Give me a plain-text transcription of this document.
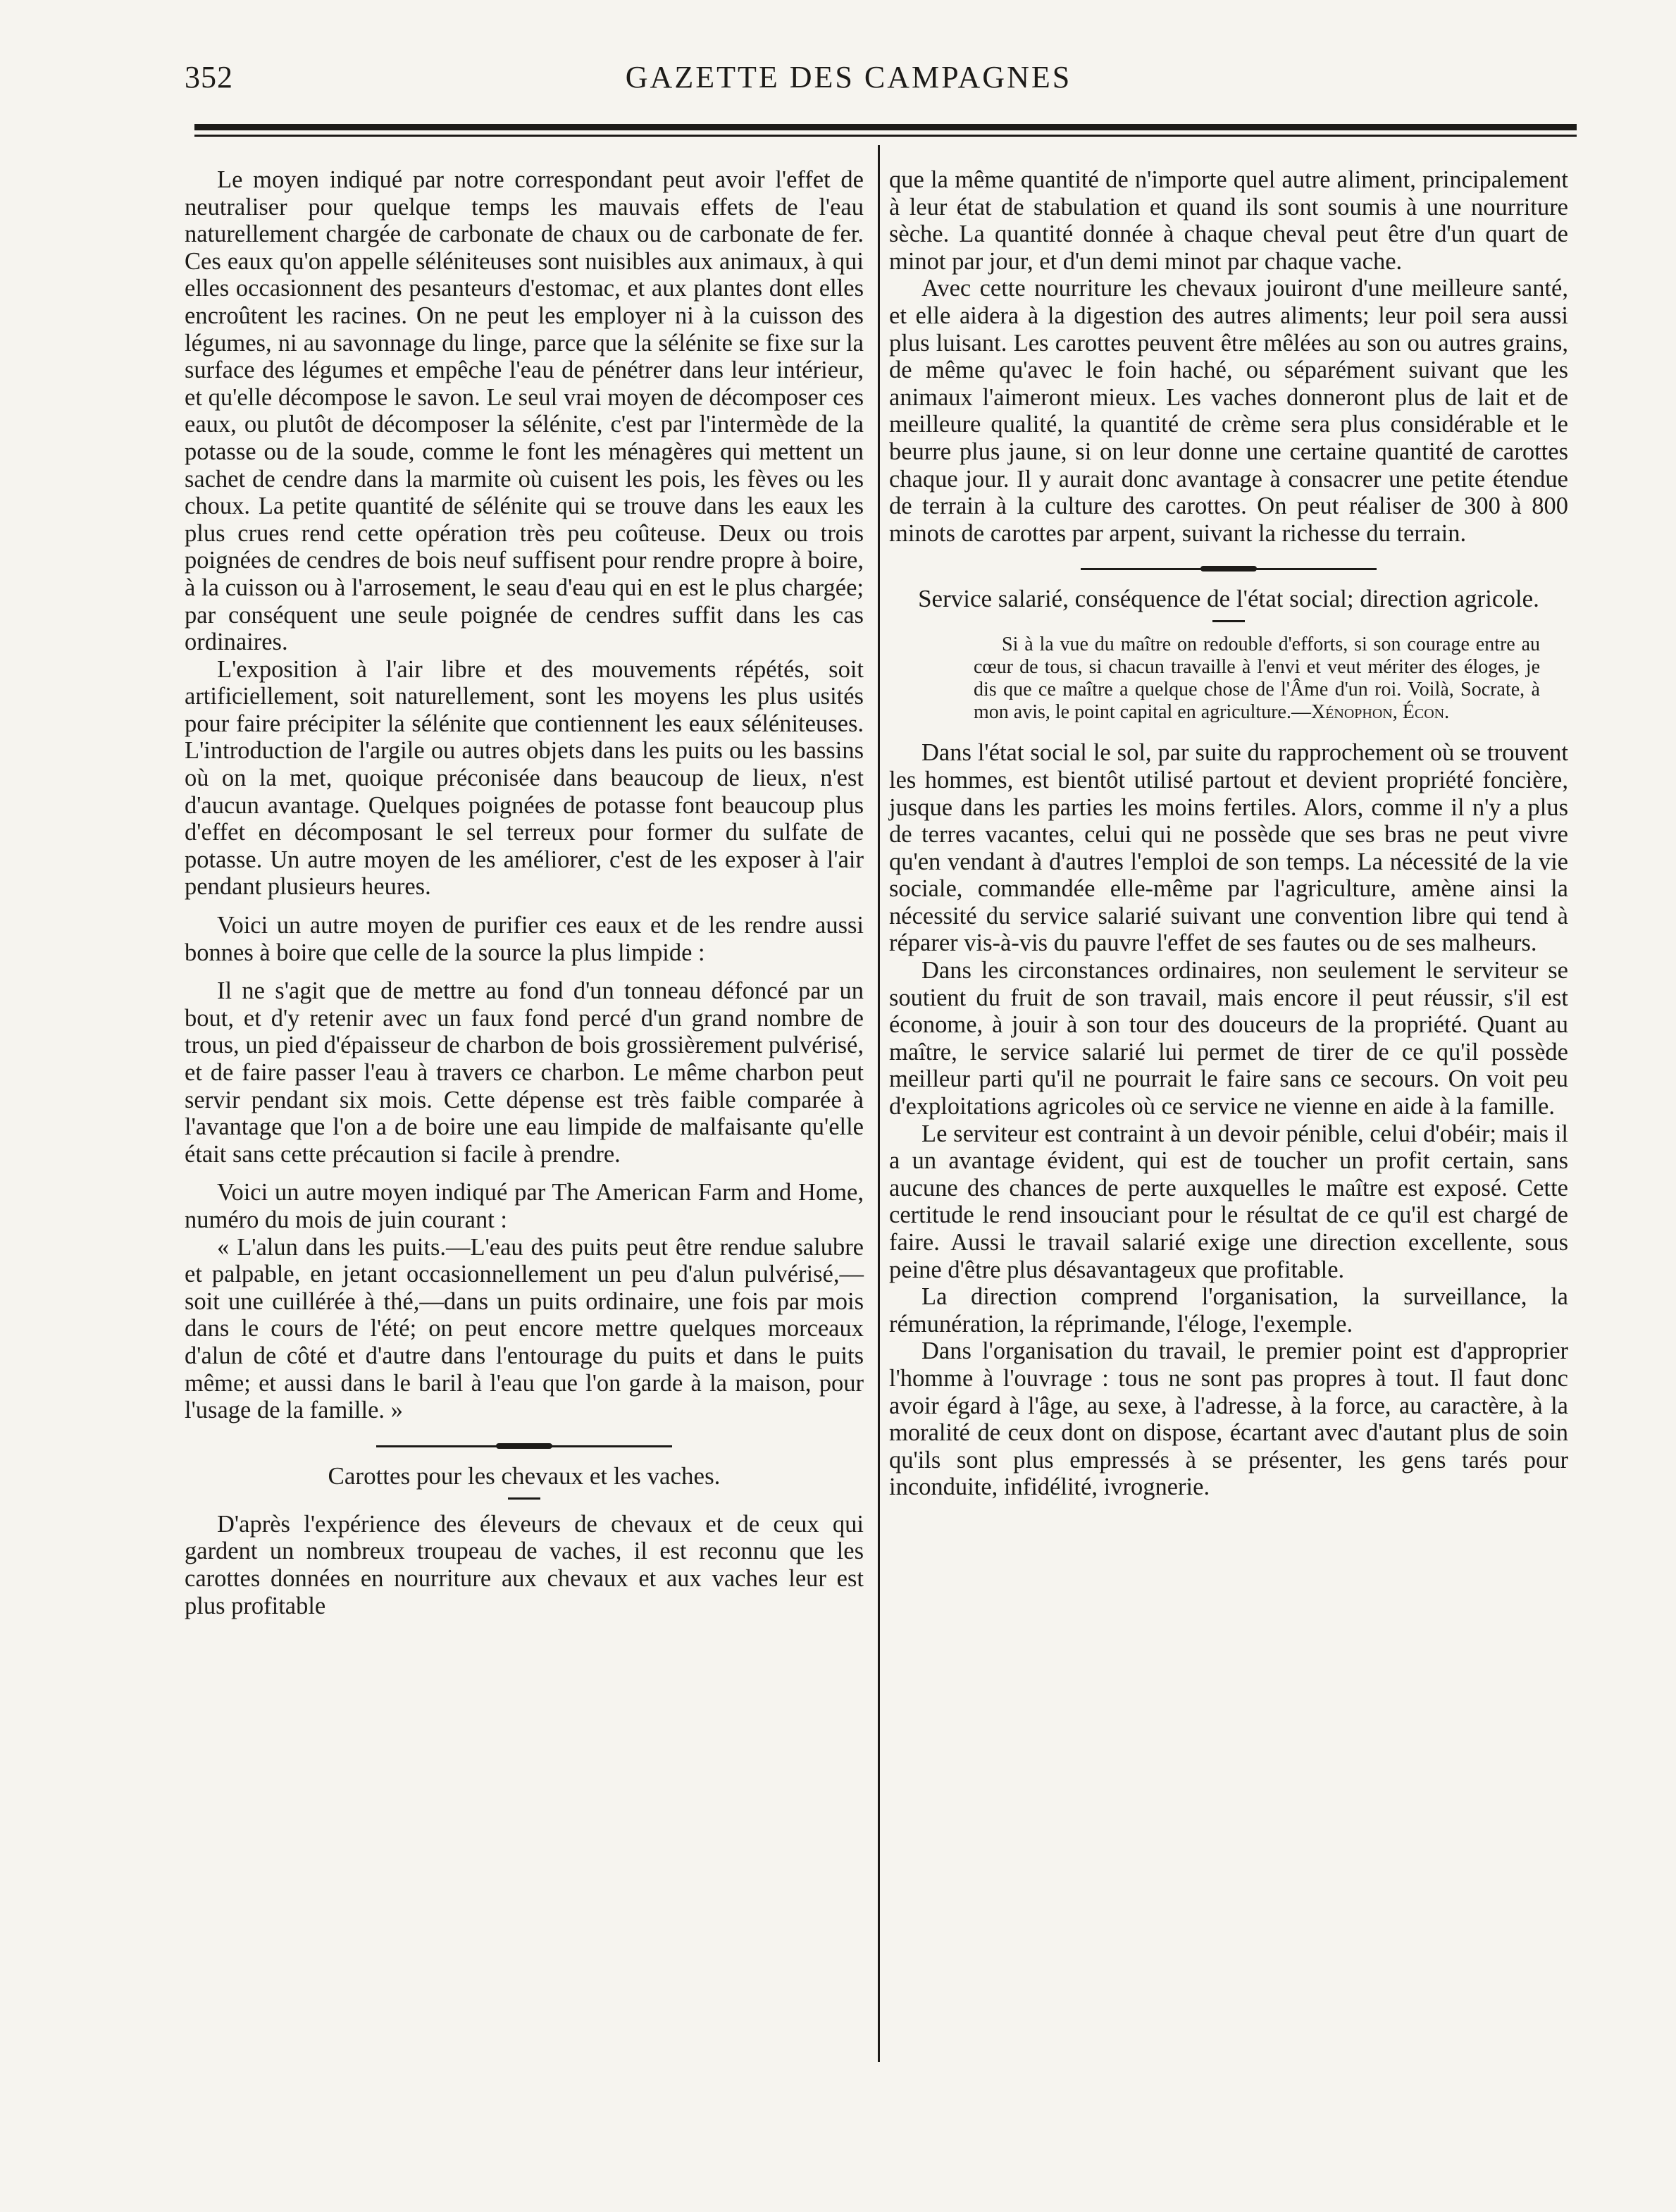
352	GAZETTE DES CAMPAGNES

Le moyen indiqué par notre correspondant peut avoir l'effet de neutraliser pour quelque temps les mauvais effets de l'eau naturellement chargée de carbonate de chaux ou de carbonate de fer. Ces eaux qu'on appelle séléniteuses sont nuisibles aux animaux, à qui elles occasionnent des pesanteurs d'estomac, et aux plantes dont elles encroûtent les racines. On ne peut les employer ni à la cuisson des légumes, ni au savonnage du linge, parce que la sélénite se fixe sur la surface des légumes et empêche l'eau de pénétrer dans leur intérieur, et qu'elle décompose le savon. Le seul vrai moyen de décomposer ces eaux, ou plutôt de décomposer la sélénite, c'est par l'intermède de la potasse ou de la soude, comme le font les ménagères qui mettent un sachet de cendre dans la marmite où cuisent les pois, les fèves ou les choux. La petite quantité de sélénite qui se trouve dans les eaux les plus crues rend cette opération très peu coûteuse. Deux ou trois poignées de cendres de bois neuf suffisent pour rendre propre à boire, à la cuisson ou à l'arrosement, le seau d'eau qui en est le plus chargée; par conséquent une seule poignée de cendres suffit dans les cas ordinaires.

L'exposition à l'air libre et des mouvements répétés, soit artificiellement, soit naturellement, sont les moyens les plus usités pour faire précipiter la sélénite que contiennent les eaux séléniteuses. L'introduction de l'argile ou autres objets dans les puits ou les bassins où on la met, quoique préconisée dans beaucoup de lieux, n'est d'aucun avantage. Quelques poignées de potasse font beaucoup plus d'effet en décomposant le sel terreux pour former du sulfate de potasse. Un autre moyen de les améliorer, c'est de les exposer à l'air pendant plusieurs heures.

Voici un autre moyen de purifier ces eaux et de les rendre aussi bonnes à boire que celle de la source la plus limpide :

Il ne s'agit que de mettre au fond d'un tonneau défoncé par un bout, et d'y retenir avec un faux fond percé d'un grand nombre de trous, un pied d'épaisseur de charbon de bois grossièrement pulvérisé, et de faire passer l'eau à travers ce charbon. Le même charbon peut servir pendant six mois. Cette dépense est très faible comparée à l'avantage que l'on a de boire une eau limpide de malfaisante qu'elle était sans cette précaution si facile à prendre.

Voici un autre moyen indiqué par The American Farm and Home, numéro du mois de juin courant :

« L'alun dans les puits.—L'eau des puits peut être rendue salubre et palpable, en jetant occasionnellement un peu d'alun pulvérisé,—soit une cuillérée à thé,—dans un puits ordinaire, une fois par mois dans le cours de l'été; on peut encore mettre quelques morceaux d'alun de côté et d'autre dans l'entourage du puits et dans le puits même; et aussi dans le baril à l'eau que l'on garde à la maison, pour l'usage de la famille. »

Carottes pour les chevaux et les vaches.

D'après l'expérience des éleveurs de chevaux et de ceux qui gardent un nombreux troupeau de vaches, il est reconnu que les carottes données en nourriture aux chevaux et aux vaches leur est plus profitable

que la même quantité de n'importe quel autre aliment, principalement à leur état de stabulation et quand ils sont soumis à une nourriture sèche. La quantité donnée à chaque cheval peut être d'un quart de minot par jour, et d'un demi minot par chaque vache.

Avec cette nourriture les chevaux jouiront d'une meilleure santé, et elle aidera à la digestion des autres aliments; leur poil sera aussi plus luisant. Les carottes peuvent être mêlées au son ou autres grains, de même qu'avec le foin haché, ou séparément suivant que les animaux l'aimeront mieux. Les vaches donneront plus de lait et de meilleure qualité, la quantité de crème sera plus considérable et le beurre plus jaune, si on leur donne une certaine quantité de carottes chaque jour. Il y aurait donc avantage à consacrer une petite étendue de terrain à la culture des carottes. On peut réaliser de 300 à 800 minots de carottes par arpent, suivant la richesse du terrain.

Service salarié, conséquence de l'état social; direction agricole.
Si à la vue du maître on redouble d'efforts, si son courage entre au cœur de tous, si chacun travaille à l'envi et veut mériter des éloges, je dis que ce maître a quelque chose de l'Âme d'un roi. Voilà, Socrate, à mon avis, le point capital en agriculture.—Xénophon, Écon.

Dans l'état social le sol, par suite du rapprochement où se trouvent les hommes, est bientôt utilisé partout et devient propriété foncière, jusque dans les parties les moins fertiles. Alors, comme il n'y a plus de terres vacantes, celui qui ne possède que ses bras ne peut vivre qu'en vendant à d'autres l'emploi de son temps. La nécessité de la vie sociale, commandée elle-même par l'agriculture, amène ainsi la nécessité du service salarié suivant une convention libre qui tend à réparer vis-à-vis du pauvre l'effet de ses fautes ou de ses malheurs.

Dans les circonstances ordinaires, non seulement le serviteur se soutient du fruit de son travail, mais encore il peut réussir, s'il est économe, à jouir à son tour des douceurs de la propriété. Quant au maître, le service salarié lui permet de tirer de ce qu'il possède meilleur parti qu'il ne pourrait le faire sans ce secours. On voit peu d'exploitations agricoles où ce service ne vienne en aide à la famille.

Le serviteur est contraint à un devoir pénible, celui d'obéir; mais il a un avantage évident, qui est de toucher un profit certain, sans aucune des chances de perte auxquelles le maître est exposé. Cette certitude le rend insouciant pour le résultat de ce qu'il est chargé de faire. Aussi le travail salarié exige une direction excellente, sous peine d'être plus désavantageux que profitable.

La direction comprend l'organisation, la surveillance, la rémunération, la réprimande, l'éloge, l'exemple.

Dans l'organisation du travail, le premier point est d'approprier l'homme à l'ouvrage : tous ne sont pas propres à tout. Il faut donc avoir égard à l'âge, au sexe, à l'adresse, à la force, au caractère, à la moralité de ceux dont on dispose, écartant avec d'autant plus de soin qu'ils sont plus empressés à se présenter, les gens tarés pour inconduite, infidélité, ivrognerie.
